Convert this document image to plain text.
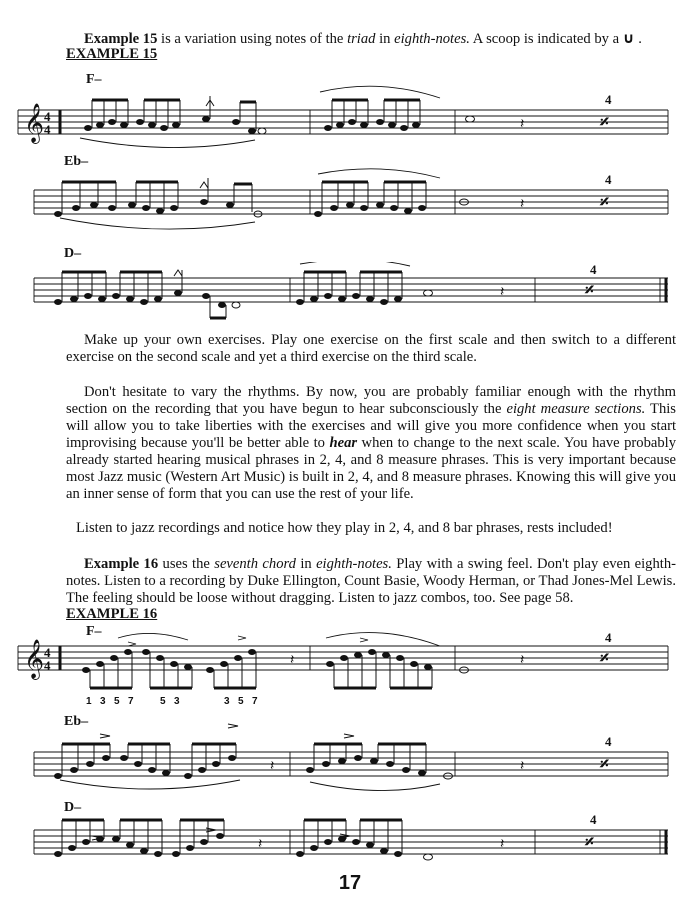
Example 15 is a variation using notes of the triad in eighth-notes. A scoop is indicated by a ∪ .
EXAMPLE 15
F–
𝄞 4
4	𝄽
4
𝄎
Eb–
𝄽
4
𝄎
D–
𝄽
4
𝄎
Make up your own exercises. Play one exercise on the first scale and then switch to a different exercise on the second scale and yet a third exercise on the third scale.
Don't hesitate to vary the rhythms. By now, you are probably familiar enough with the rhythm section on the recording that you have begun to hear subconsciously the eight measure sections. This will allow you to take liberties with the exercises and will give you more confidence when you start improvising because you'll be better able to hear when to change to the next scale. You have probably already started hearing musical phrases in 2, 4, and 8 measure phrases. This is very important because most Jazz music (Western Art Music) is built in 2, 4, and 8 measure phrases. Knowing this will give you an inner sense of form that you can use the rest of your life.
Listen to jazz recordings and notice how they play in 2, 4, and 8 bar phrases, rests included!
Example 16 uses the seventh chord in eighth-notes. Play with a swing feel. Don't play even eighth-notes. Listen to a recording by Duke Ellington, Count Basie, Woody Herman, or Thad Jones-Mel Lewis. The feeling should be loose without dragging. Listen to jazz combos, too. See page 58.
EXAMPLE 16
F–
𝄞 4
4	𝄽	𝄽
1 3 5 7	5 3	3 5 7
4
𝄎
Eb–
𝄽	𝄽
4
𝄎
D–
𝄽	𝄽
4
𝄎
17
